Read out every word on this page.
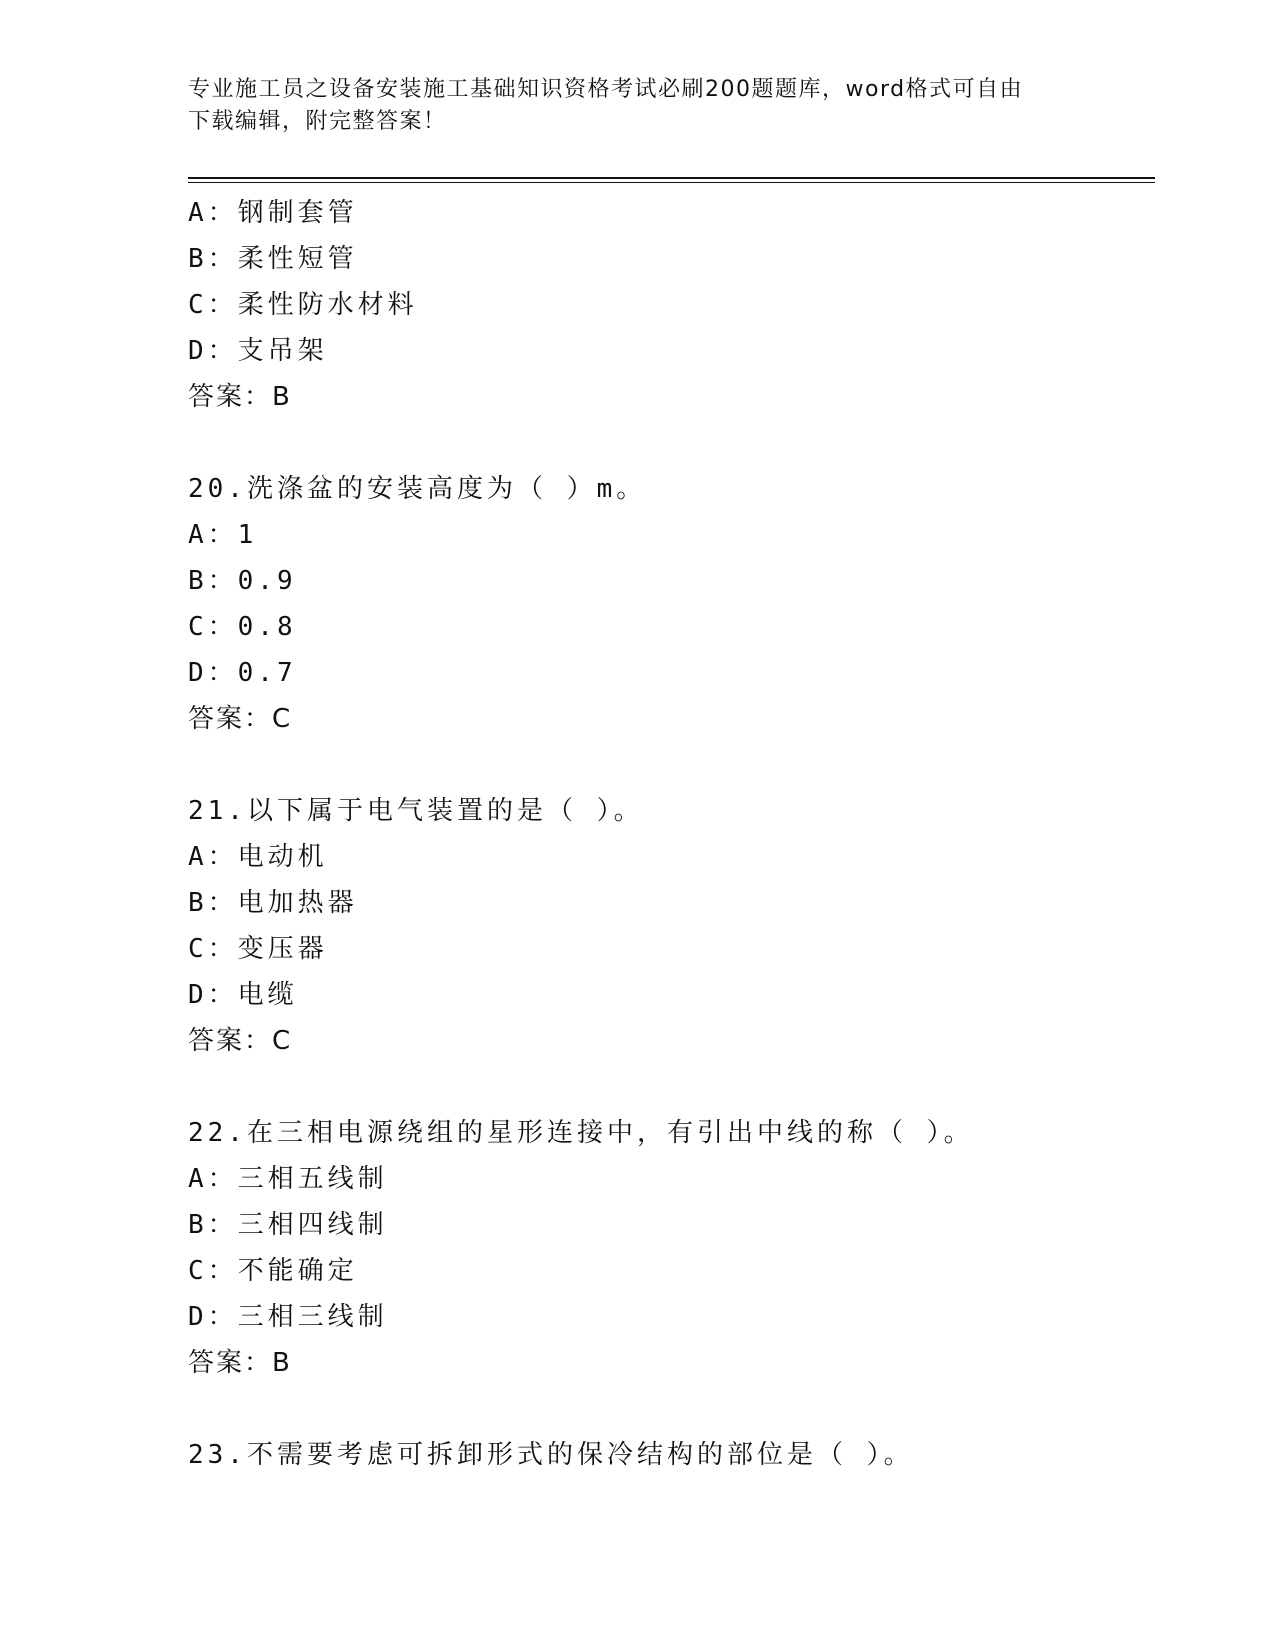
专业施工员之设备安装施工基础知识资格考试必刷200题题库，word格式可自由
下载编辑，附完整答案！
A：钢制套管
B：柔性短管
C：柔性防水材料
D：支吊架
答案：B
20.洗涤盆的安装高度为（ ）m。
A：1
B：0.9
C：0.8
D：0.7
答案：C
21.以下属于电气装置的是（ ）。
A：电动机
B：电加热器
C：变压器
D：电缆
答案：C
22.在三相电源绕组的星形连接中，有引出中线的称（ ）。
A：三相五线制
B：三相四线制
C：不能确定
D：三相三线制
答案：B
23.不需要考虑可拆卸形式的保冷结构的部位是（ ）。
